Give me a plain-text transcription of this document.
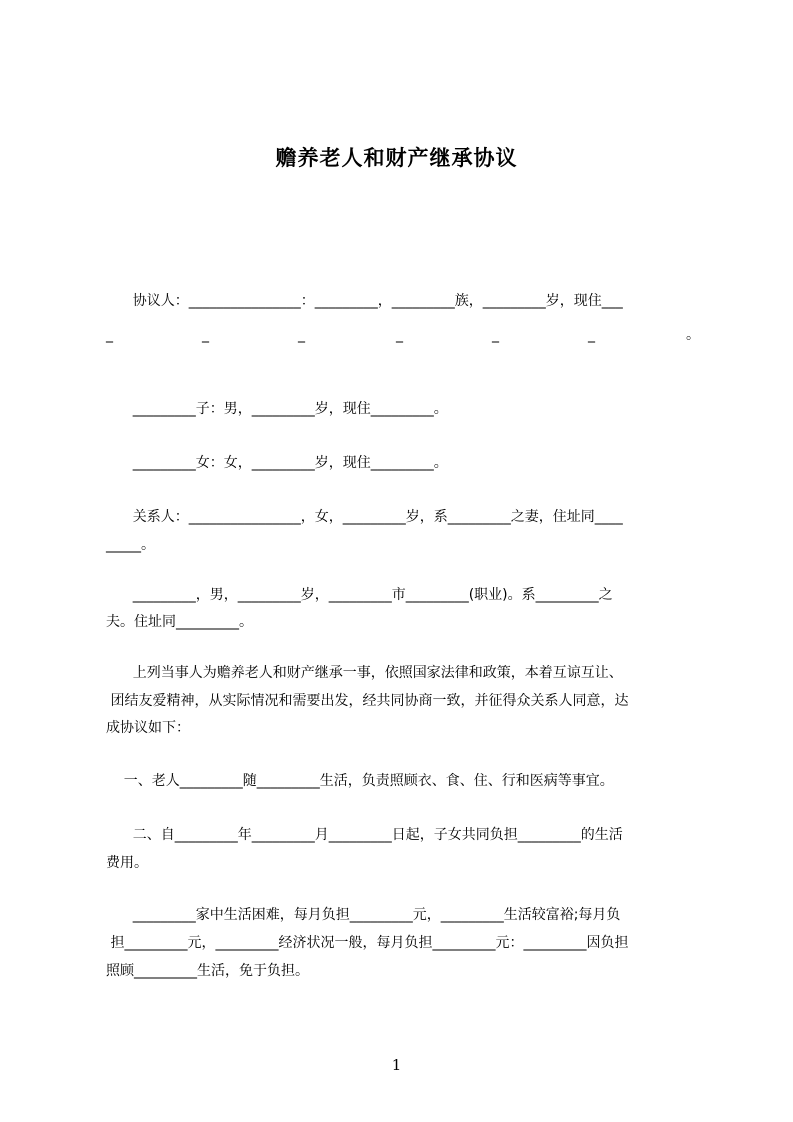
赡养老人和财产继承协议
协议人：________________：_________，_________族，_________岁，现住___
_________子：男，_________岁，现住_________。
_________女：女，_________岁，现住_________。
关系人：________________，女，_________岁，系_________之妻，住址同____
_____。
_________，男，_________岁，_________市_________(职业)。系_________之
夫。住址同_________。
上列当事人为赡养老人和财产继承一事，依照国家法律和政策，本着互谅互让、
团结友爱精神，从实际情况和需要出发，经共同协商一致，并征得众关系人同意，达
成协议如下：
一、老人_________随_________生活，负责照顾衣、食、住、行和医病等事宜。
二、自_________年_________月_________日起，子女共同负担_________的生活
费用。
_________家中生活困难，每月负担_________元，_________生活较富裕;每月负
担_________元，_________经济状况一般，每月负担_________元：_________因负担
照顾_________生活，免于负担。
_	_	_	_	_	_	。
1
